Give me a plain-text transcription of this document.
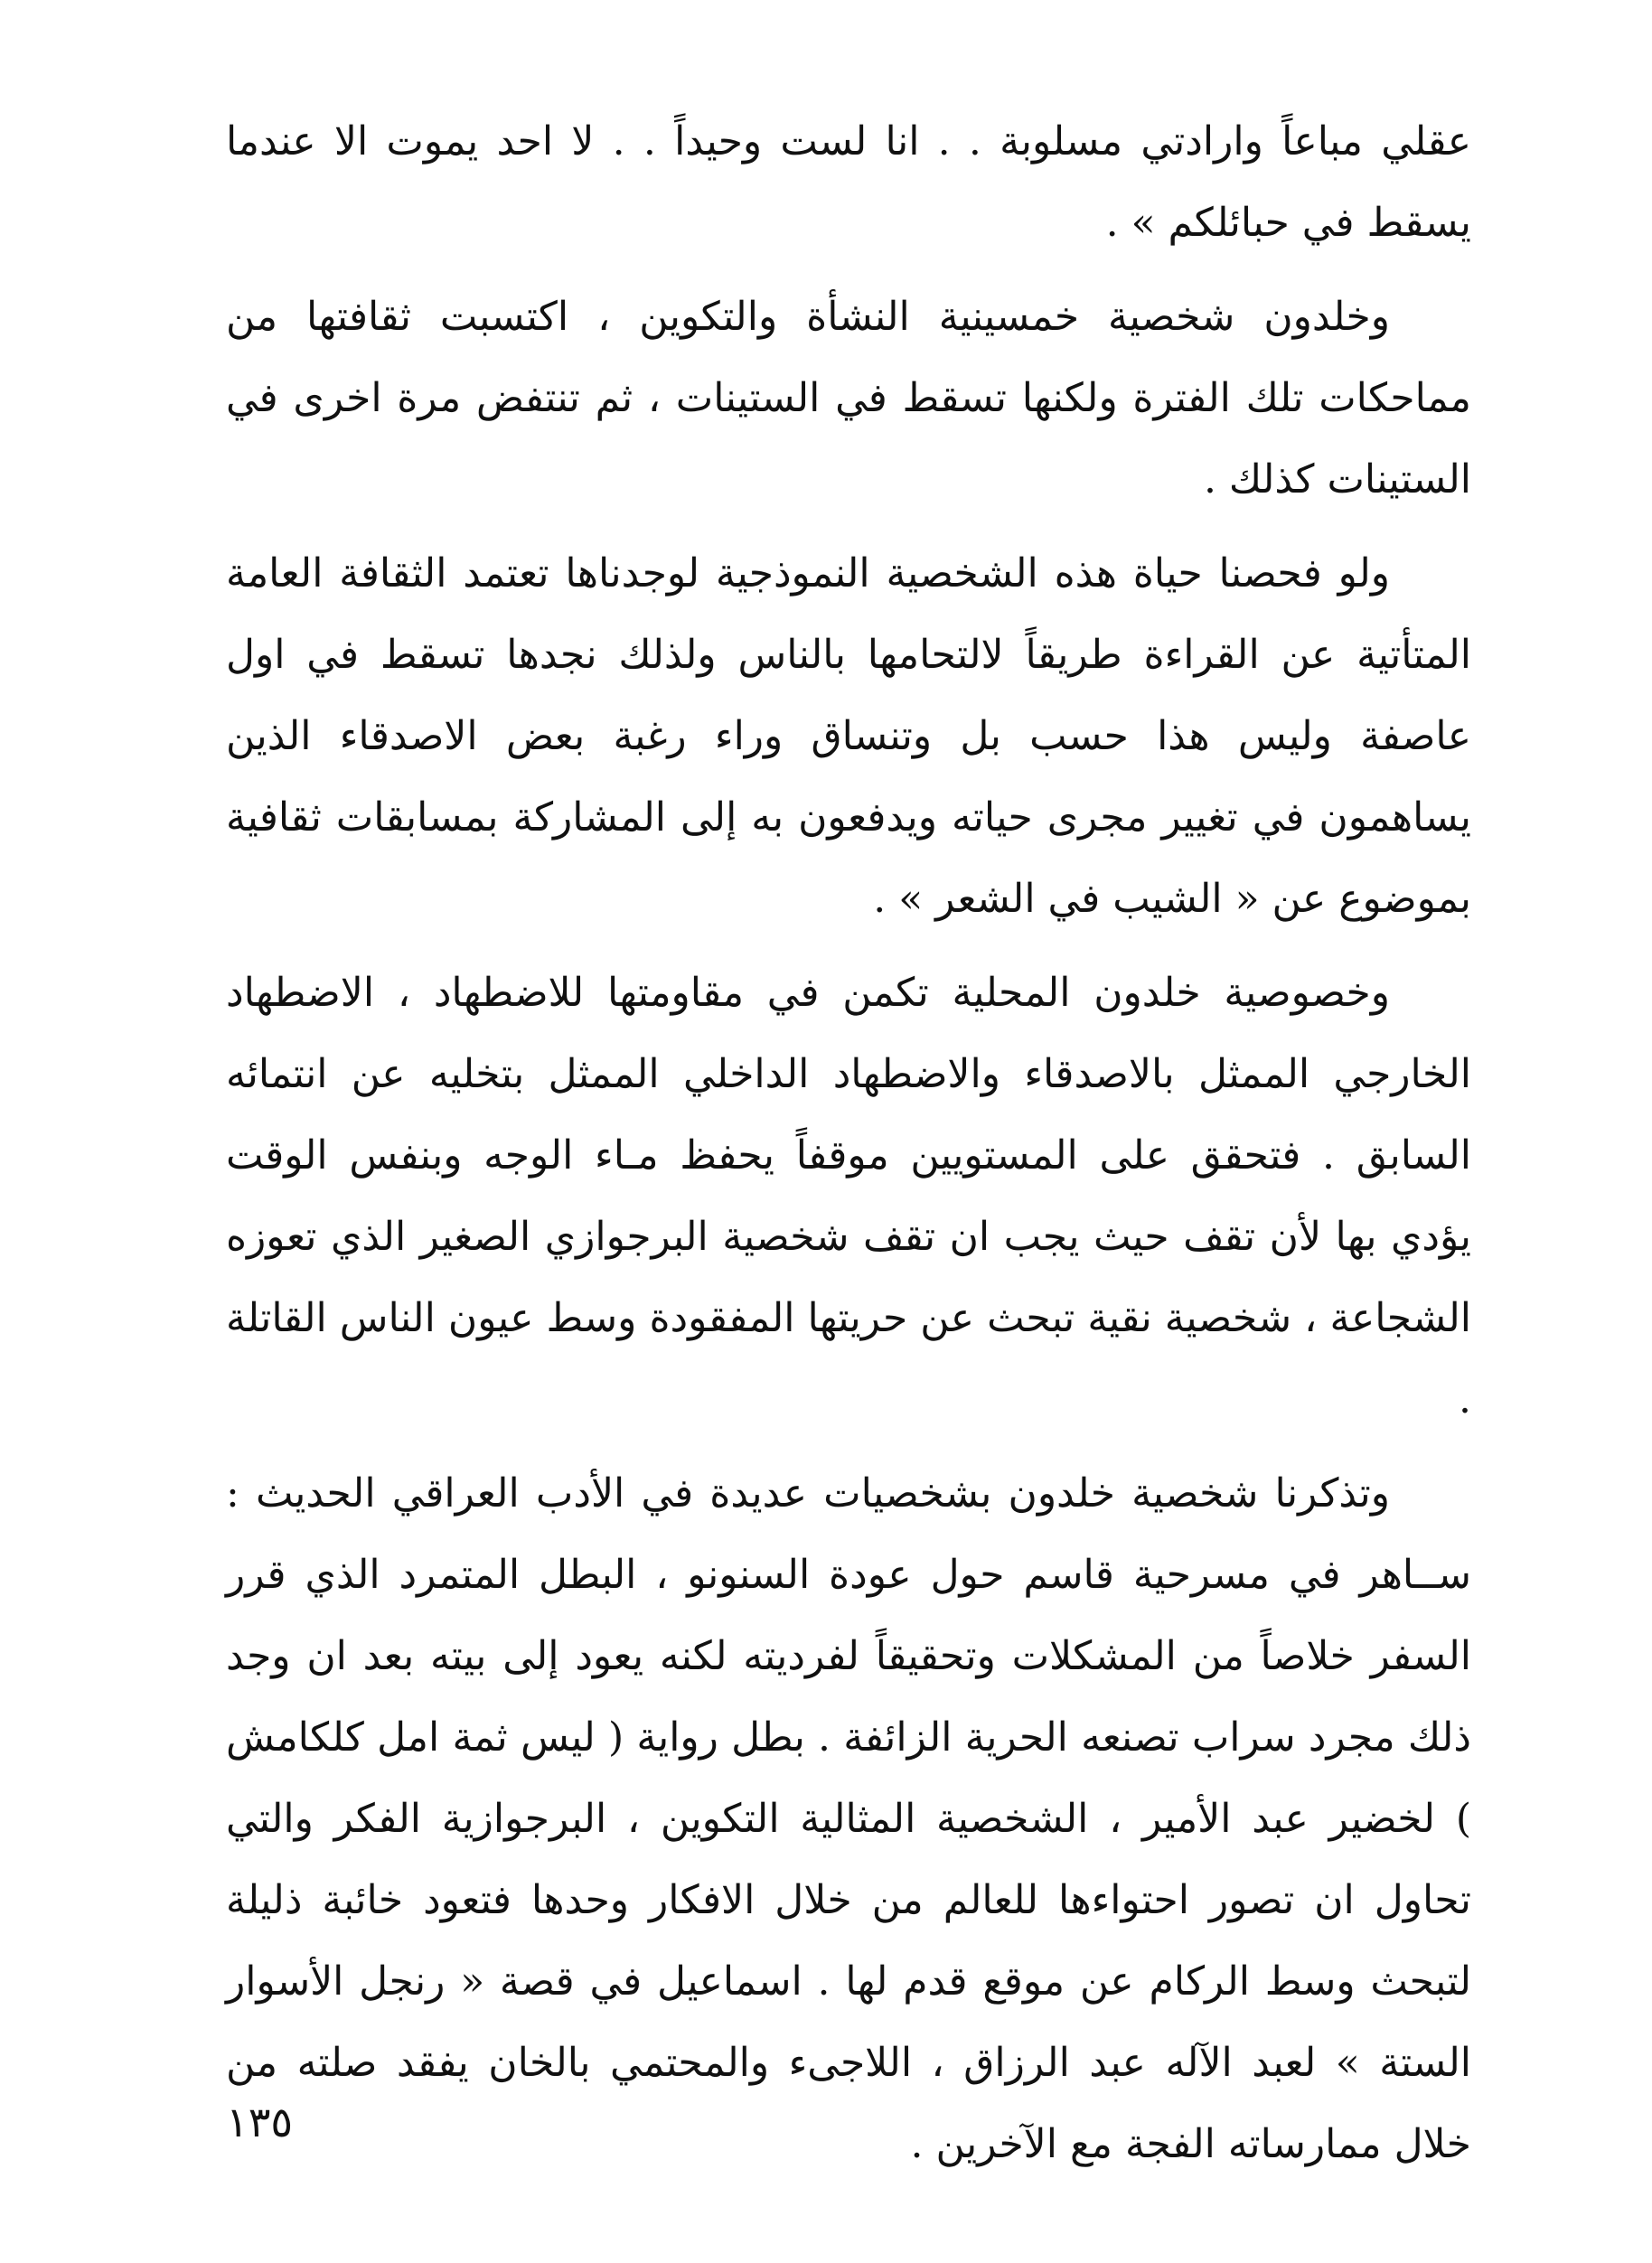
عقلي مباعاً وارادتي مسلوبة . . انا لست وحيداً . . لا احد يموت الا عندما يسقط في حبائلكم » .

وخلدون شخصية خمسينية النشأة والتكوين ، اكتسبت ثقافتها من مماحكات تلك الفترة ولكنها تسقط في الستينات ، ثم تنتفض مرة اخرى في الستينات كذلك .

ولو فحصنا حياة هذه الشخصية النموذجية لوجدناها تعتمد الثقافة العامة المتأتية عن القراءة طريقاً لالتحامها بالناس ولذلك نجدها تسقط في اول عاصفة وليس هذا حسب بل وتنساق وراء رغبة بعض الاصدقاء الذين يساهمون في تغيير مجرى حياته ويدفعون به إلى المشاركة بمسابقات ثقافية بموضوع عن « الشيب في الشعر » .

وخصوصية خلدون المحلية تكمن في مقاومتها للاضطهاد ، الاضطهاد الخارجي الممثل بالاصدقاء والاضطهاد الداخلي الممثل بتخليه عن انتمائه السابق . فتحقق على المستويين موقفاً يحفظ مـاء الوجه وبنفس الوقت يؤدي بها لأن تقف حيث يجب ان تقف شخصية البرجوازي الصغير الذي تعوزه الشجاعة ، شخصية نقية تبحث عن حريتها المفقودة وسط عيون الناس القاتلة .

وتذكرنا شخصية خلدون بشخصيات عديدة في الأدب العراقي الحديث : ســاهر في مسرحية قاسم حول عودة السنونو ، البطل المتمرد الذي قرر السفر خلاصاً من المشكلات وتحقيقاً لفرديته لكنه يعود إلى بيته بعد ان وجد ذلك مجرد سراب تصنعه الحرية الزائفة . بطل رواية ( ليس ثمة امل كلكامش ) لخضير عبد الأمير ، الشخصية المثالية التكوين ، البرجوازية الفكر والتي تحاول ان تصور احتواءها للعالم من خلال الافكار وحدها فتعود خائبة ذليلة لتبحث وسط الركام عن موقع قدم لها . اسماعيل في قصة « رنجل الأسوار الستة » لعبد الآله عبد الرزاق ، اللاجىء والمحتمي بالخان يفقد صلته من خلال ممارساته الفجة مع الآخرين .

١٣٥
